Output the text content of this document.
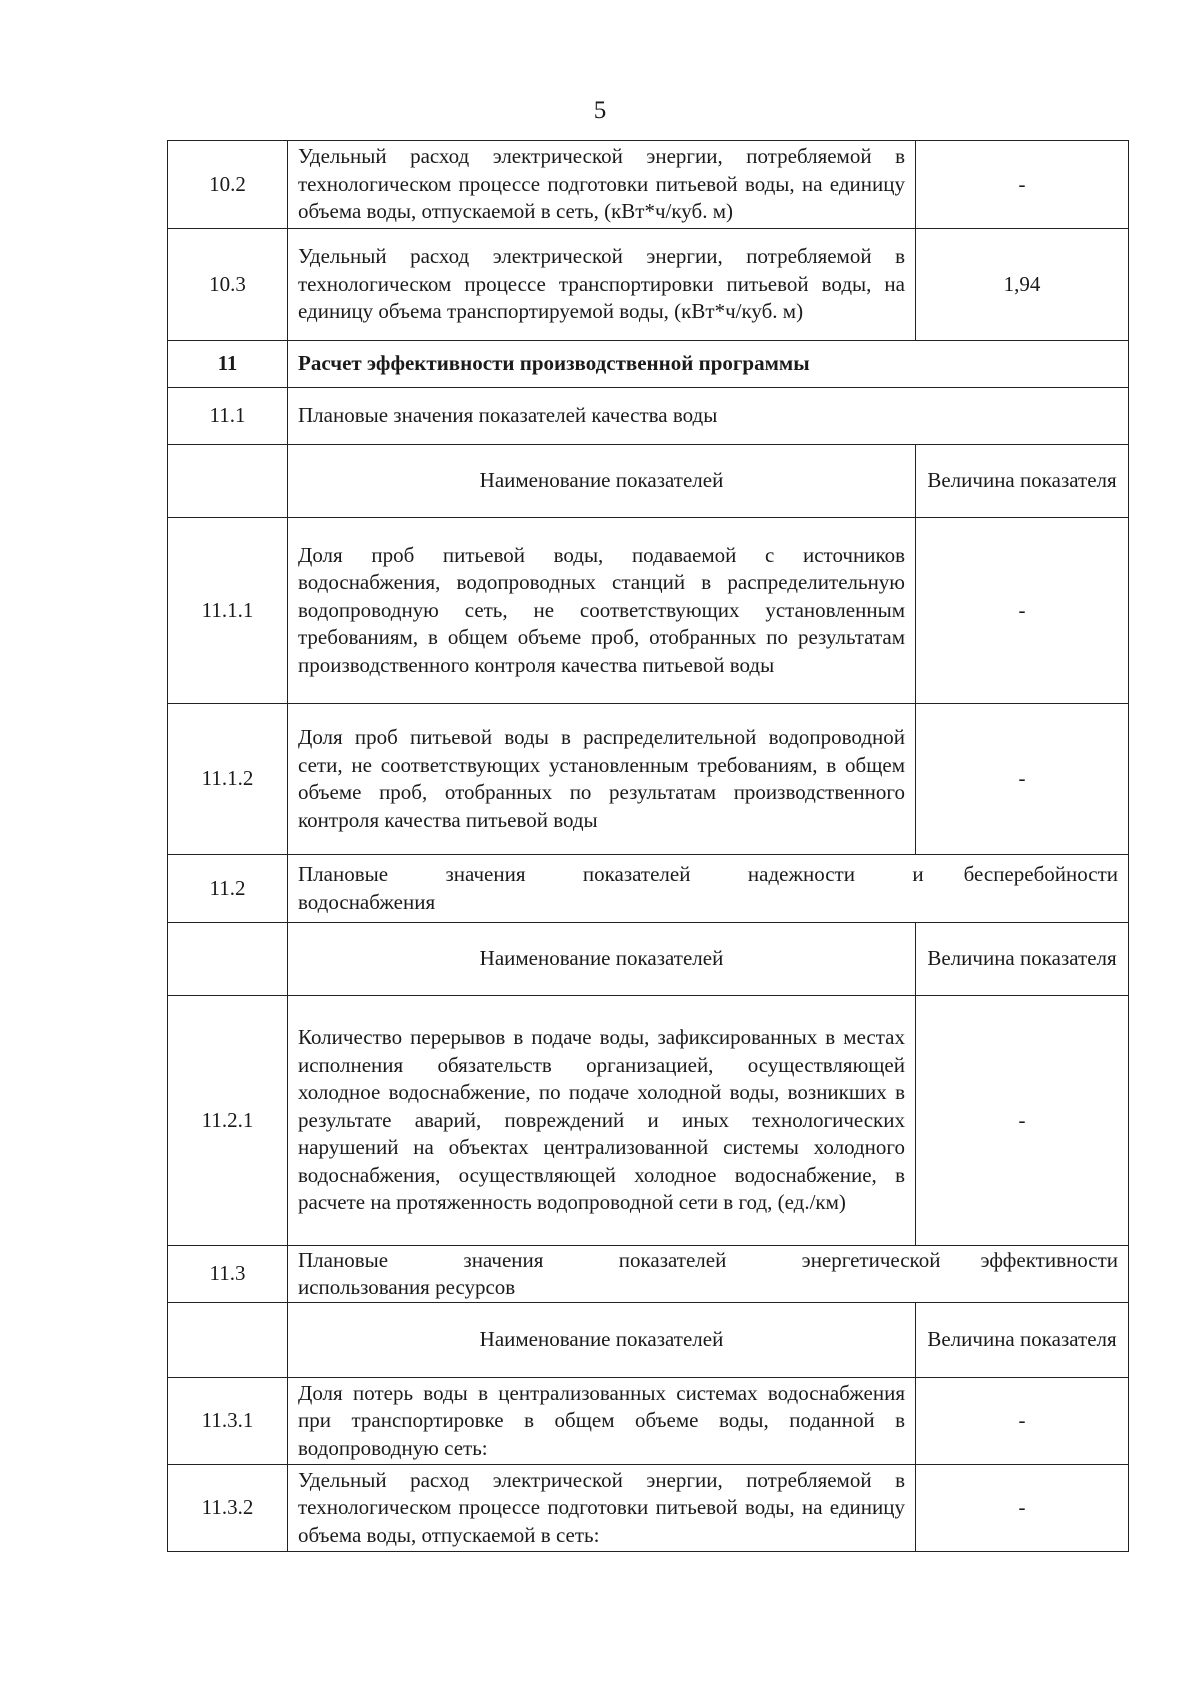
5
10.2	Удельный расход электрической энергии, потребляемой в технологическом процессе подготовки питьевой воды, на единицу объема воды, отпускаемой в сеть, (кВт*ч/куб. м)	-
10.3	Удельный расход электрической энергии, потребляемой в технологическом процессе транспортировки питьевой воды, на единицу объема транспортируемой воды, (кВт*ч/куб. м)	1,94
11	Расчет эффективности производственной программы	
11.1	Плановые значения показателей качества воды	
	Наименование показателей	Величина показателя
11.1.1	Доля проб питьевой воды, подаваемой с источников водоснабжения, водопроводных станций в распределительную водопроводную сеть, не соответствующих установленным требованиям, в общем объеме проб, отобранных по результатам производственного контроля качества питьевой воды	-
11.1.2	Доля проб питьевой воды в распределительной водопроводной сети, не соответствующих установленным требованиям, в общем объеме проб, отобранных по результатам производственного контроля качества питьевой воды	-
11.2	Плановые значения показателей надежности и бесперебойности
водоснабжения	

	Наименование показателей	Величина показателя
11.2.1	Количество перерывов в подаче воды, зафиксированных в местах исполнения обязательств организацией, осуществляющей холодное водоснабжение, по подаче холодной воды, возникших в результате аварий, повреждений и иных технологических нарушений на объектах централизованной системы холодного водоснабжения, осуществляющей холодное водоснабжение, в расчете на протяженность водопроводной сети в год, (ед./км)	-
11.3	Плановые значения показателей энергетической эффективности
использования ресурсов	

	Наименование показателей	Величина показателя
11.3.1	Доля потерь воды в централизованных системах водоснабжения при транспортировке в общем объеме воды, поданной в водопроводную сеть:	-
11.3.2	Удельный расход электрической энергии, потребляемой в технологическом процессе подготовки питьевой воды, на единицу объема воды, отпускаемой в сеть:	-
